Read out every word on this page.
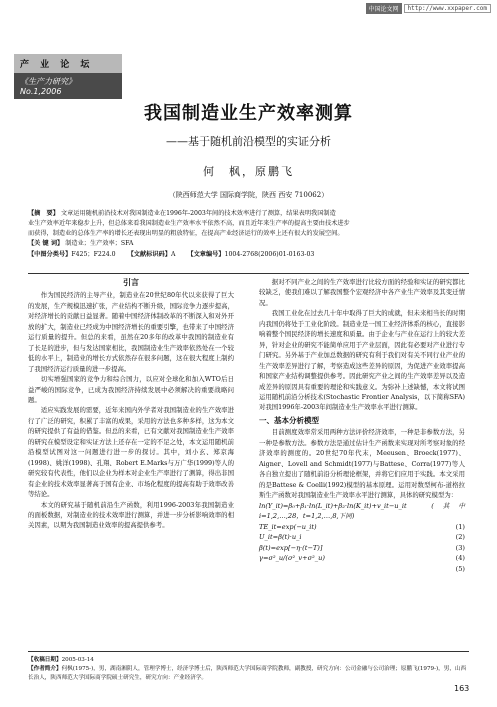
中国论文网	http://www.xxpaper.com
产 业 论 坛
《生产力研究》No.1,2006
我国制造业生产效率测算
——基于随机前沿模型的实证分析
何　枫，原鹏飞
（陕西师范大学 国际商学院，陕西 西安 710062）
【摘　要】 文章运用随机前沿技术对我国制造业在1996年-2003年间的技术效率进行了测算，结果表明我国制造
业生产效率近年来稳步上升，但总体来看我国制造业生产效率水平依然不高，而且近年来生产率的提高主要由技术进步
而获得，制造业的总体生产率的增长还表现出明显的粗放特征，在提高产业经济运行的效率上还有很大的发展空间。
【关 键 词】 制造业；生产效率；SFA
【中图分类号】F425；F224.0 【文献标识码】A 【文章编号】1004-2768(2006)01-0163-03
引言

作为国民经济的主导产业，制造业在20世纪80年代以来获得了巨大的发展，生产规模迅速扩张，产业结构不断升级，国际竞争力逐步提高，对经济增长的贡献日益显著。随着中国经济体制改革的不断深入和对外开放的扩大，制造业已经成为中国经济增长的重要引擎，也带来了中国经济运行质量的提升。但总的来看，虽然在20多年的改革中我国的制造业有了长足的进步，但与发达国家相比，我国制造业生产效率依然处在一个较低的水平上，制造业的增长方式依然存在很多问题，这在很大程度上制约了我国经济运行质量的进一步提高。

切实增强国家的竞争力和综合国力，以应对全球化和加入WTO后日益严峻的国际竞争，已成为我国经济持续发展中必须解决的重要战略问题。

适应实践发展的需要，近年来国内外学者对我国制造业的生产效率进行了广泛的研究，积累了丰富的成果，采用的方法也多种多样，这为本文的研究提供了有益的借鉴。但总的来看，已有文献对我国制造业生产效率的研究在模型设定和实证方法上还存在一定的不足之处，本文运用随机前沿模型试图对这一问题进行进一步的探讨。其中，刘小玄、郑京海(1998)、姚洋(1998)、孔翔、Robert E.Marks与万广华(1999)等人的研究较有代表性，他们以企业为样本对企业生产率进行了测算，得出非国有企业的技术效率显著高于国有企业、市场化程度的提高有助于效率改善等结论。

本文的研究基于随机前沿生产函数，利用1996-2003年我国制造业的面板数据，对制造业的技术效率进行测算，并进一步分析影响效率的相关因素，以期为我国制造业效率的提高提供参考。

据对不同产业之间的生产效率进行比较方面的经验和实证的研究都比较缺乏，使我们难以了解我国整个宏观经济中各产业生产效率及其变迁情况。

我国工业化在过去几十年中取得了巨大的成就，但未来相当长的时期内我国仍将处于工业化阶段。制造业是一国工业经济体系的核心，直接影响着整个国民经济的增长速度和质量。由于企业与产业在运行上的较大差异，针对企业的研究不能简单应用于产业层面，因此有必要对产业进行专门研究。另外基于产业加总数据的研究有利于我们对有关不同行业产业的生产效率差异进行了解，考察造成这些差异的原因，为促进产业效率提高和国家产业结构调整提供参考。因此研究产业之间的生产效率差异以及造成差异的原因具有重要的理论和实践意义。为弥补上述缺憾，本文将试图运用随机前沿分析技术(Stochastic Frontier Analysis，以下简称SFA)对我国1996年-2003年间制造业生产效率水平进行测算。

一、基本分析模型

目前测度效率常采用两种方法评价经济效率，一种是非参数方法，另一种是参数方法。参数方法是通过估计生产函数来实现对所考察对象的经济效率的测度的。20世纪70年代末，Meeusen、Broeck(1977)、Aigner、Lovell and Schmidt(1977)与Battese、Corra(1977)等人各自独立提出了随机前沿分析理论框架，并将它们应用于实践。本文采用的是Battese & Coelli(1992)模型的基本原理。运用对数型柯布-道格拉斯生产函数对我国制造业生产效率水平进行测算，具体的研究模型为：

ln(Y_it)=β₀+β₁·ln(L_it)+β₂·ln(K_it)+v_it−u_it　(其中i=1,2,…,28，t=1,2,…,8,下同)
TE_it=exp(−u_it)	(1)
U_it=β(t)·u_i	(2)
β(t)=exp[−η·(t−T)]	(3)
γ=σ²_u/(σ²_v+σ²_u)	(4)
(5)
【收稿日期】2005-03-14
【作者简介】何枫(1975-)，男，湖南湘阴人，管理学博士，经济学博士后，陕西师范大学国际商学院教师，副教授，研究方向：公司金融与公司治理；原鹏飞(1979-)，男，山西长治人，陕西师范大学国际商学院硕士研究生，研究方向：产业经济学。
163
